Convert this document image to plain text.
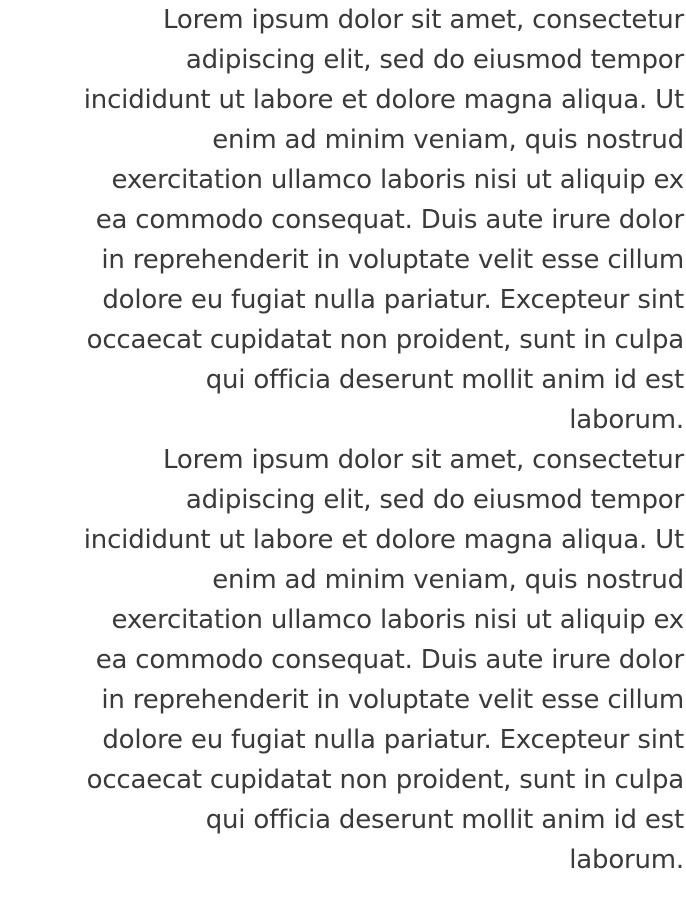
Lorem ipsum dolor sit amet, consectetur
adipiscing elit, sed do eiusmod tempor
incididunt ut labore et dolore magna aliqua. Ut
enim ad minim veniam, quis nostrud
exercitation ullamco laboris nisi ut aliquip ex
ea commodo consequat. Duis aute irure dolor
in reprehenderit in voluptate velit esse cillum
dolore eu fugiat nulla pariatur. Excepteur sint
occaecat cupidatat non proident, sunt in culpa
qui officia deserunt mollit anim id est
laborum.

Lorem ipsum dolor sit amet, consectetur
adipiscing elit, sed do eiusmod tempor
incididunt ut labore et dolore magna aliqua. Ut
enim ad minim veniam, quis nostrud
exercitation ullamco laboris nisi ut aliquip ex
ea commodo consequat. Duis aute irure dolor
in reprehenderit in voluptate velit esse cillum
dolore eu fugiat nulla pariatur. Excepteur sint
occaecat cupidatat non proident, sunt in culpa
qui officia deserunt mollit anim id est
laborum.
